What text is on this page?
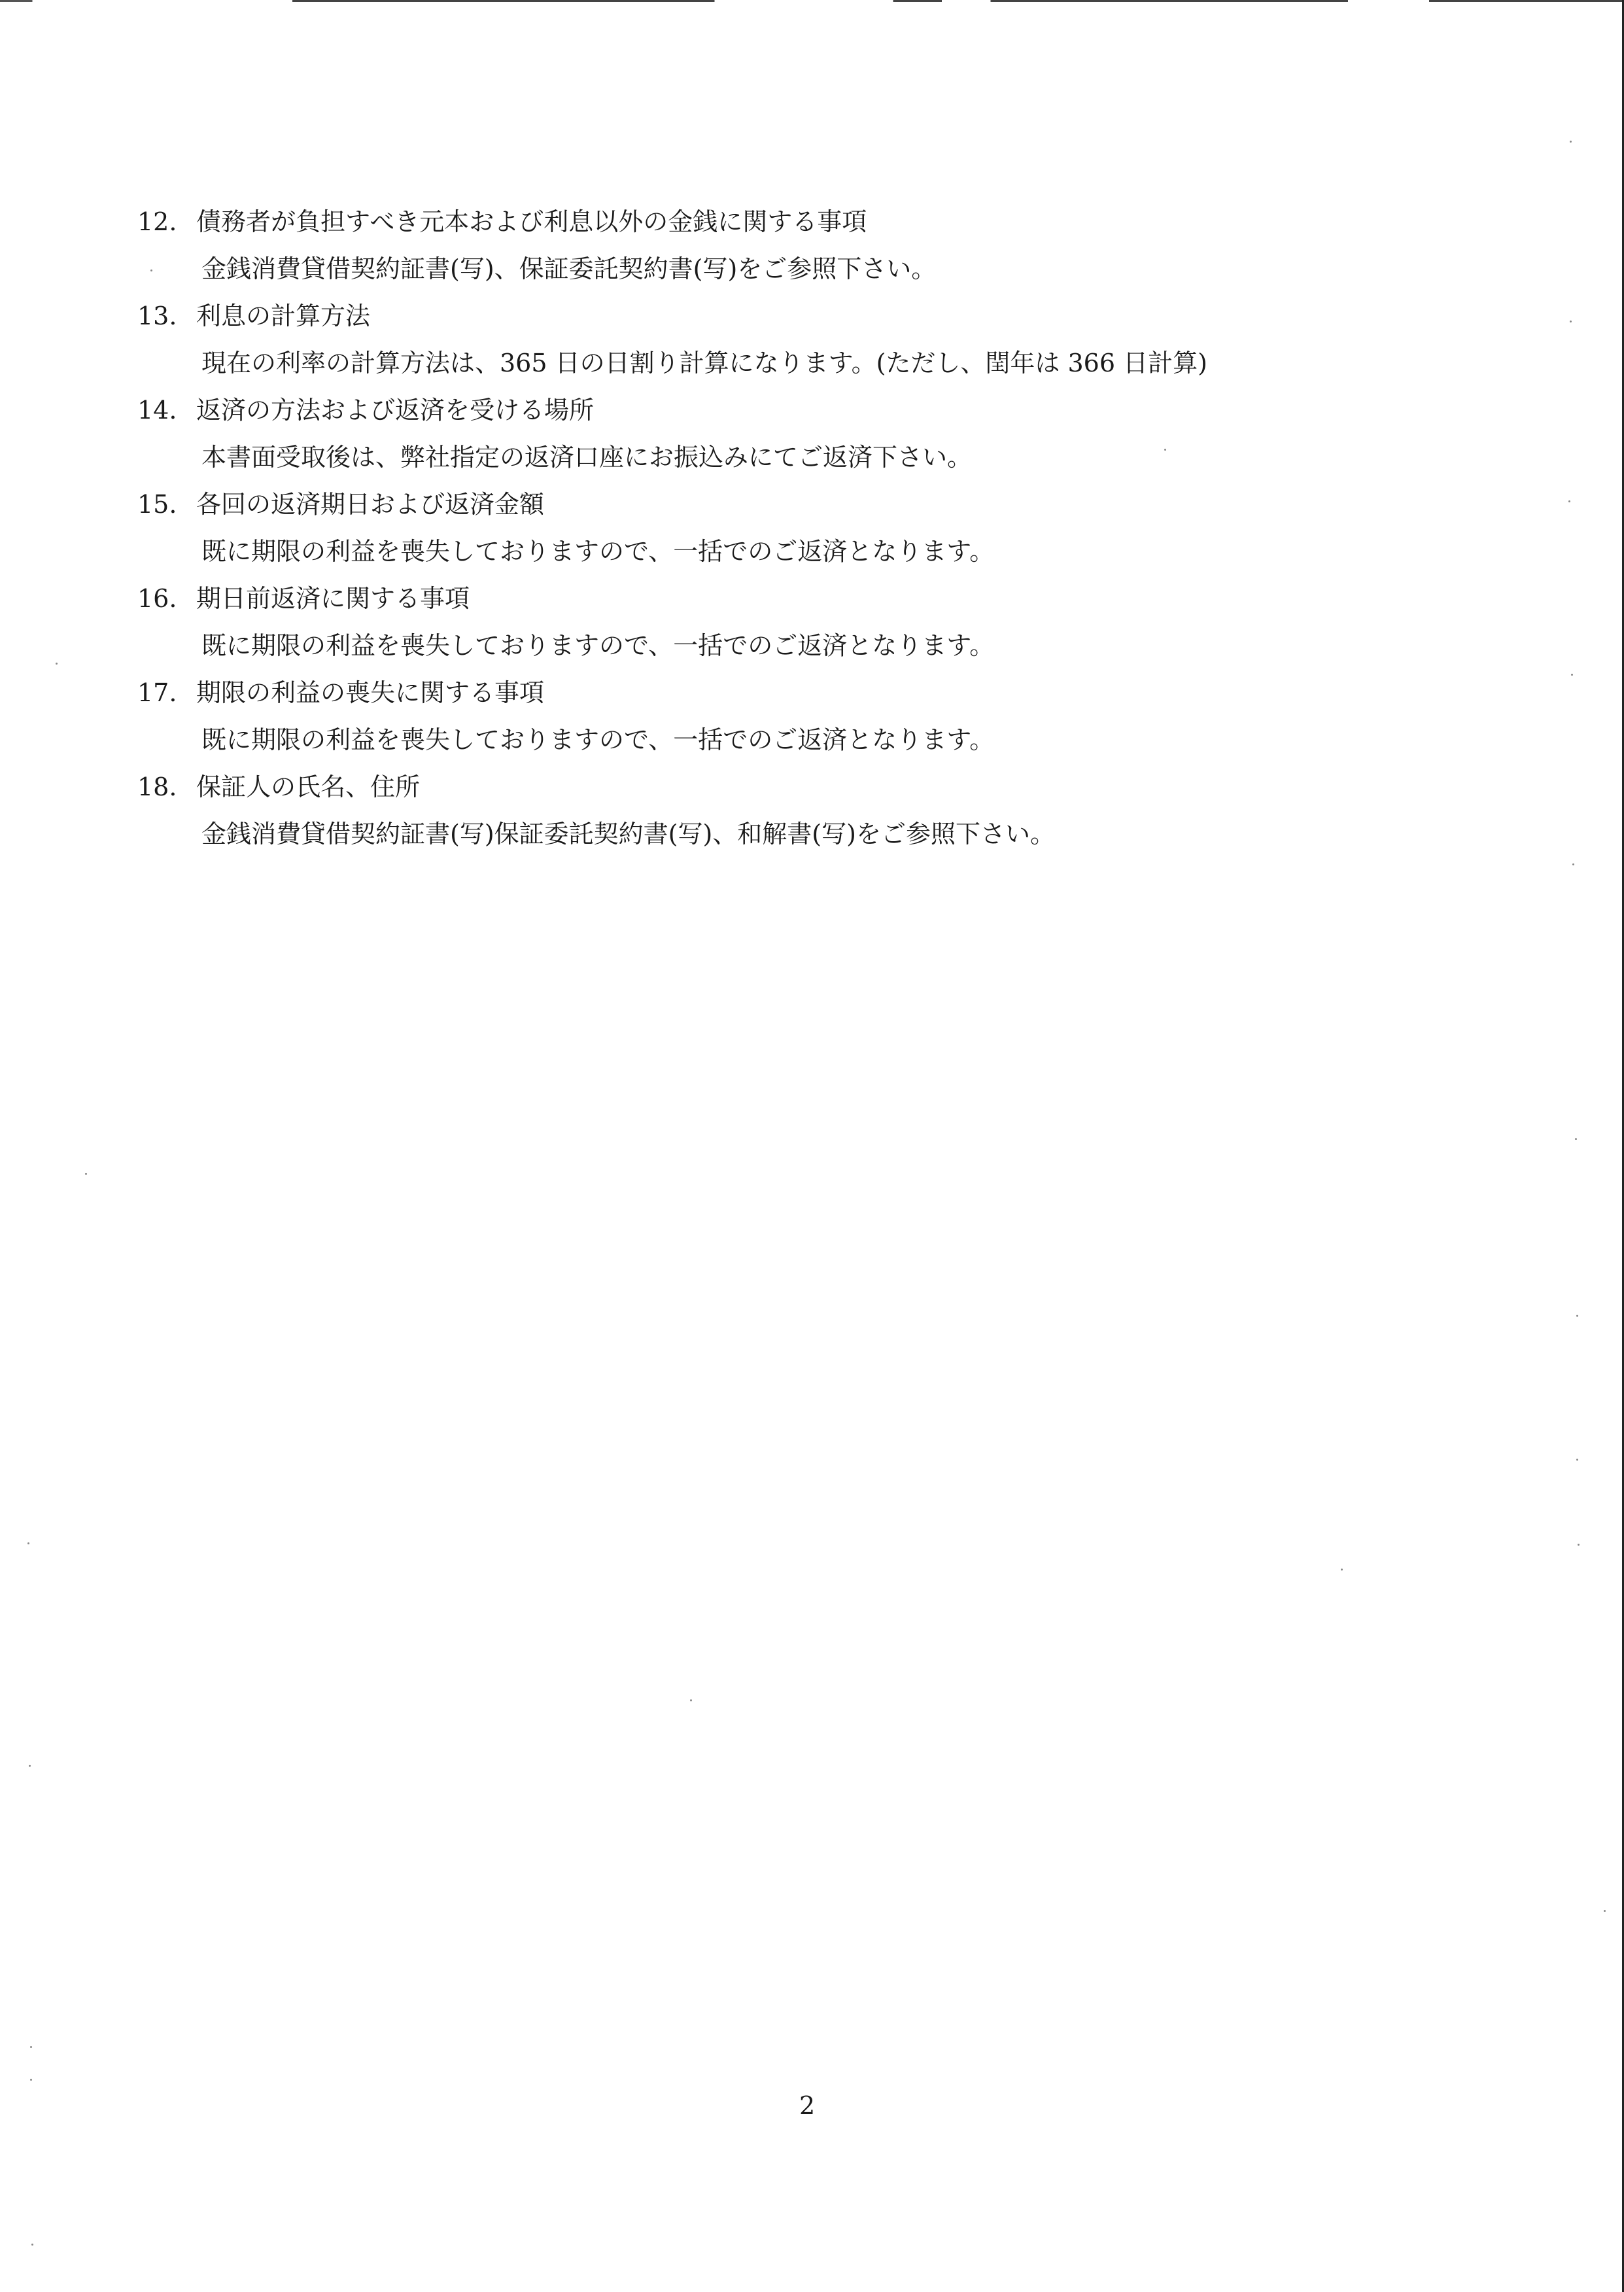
12. 債務者が負担すべき元本および利息以外の金銭に関する事項
金銭消費貸借契約証書(写)、保証委託契約書(写)をご参照下さい。
13. 利息の計算方法
現在の利率の計算方法は、365 日の日割り計算になります。(ただし、閏年は 366 日計算)
14. 返済の方法および返済を受ける場所
本書面受取後は、弊社指定の返済口座にお振込みにてご返済下さい。
15. 各回の返済期日および返済金額
既に期限の利益を喪失しておりますので、一括でのご返済となります。
16. 期日前返済に関する事項
既に期限の利益を喪失しておりますので、一括でのご返済となります。
17. 期限の利益の喪失に関する事項
既に期限の利益を喪失しておりますので、一括でのご返済となります。
18. 保証人の氏名、住所
金銭消費貸借契約証書(写)保証委託契約書(写)、和解書(写)をご参照下さい。
2
